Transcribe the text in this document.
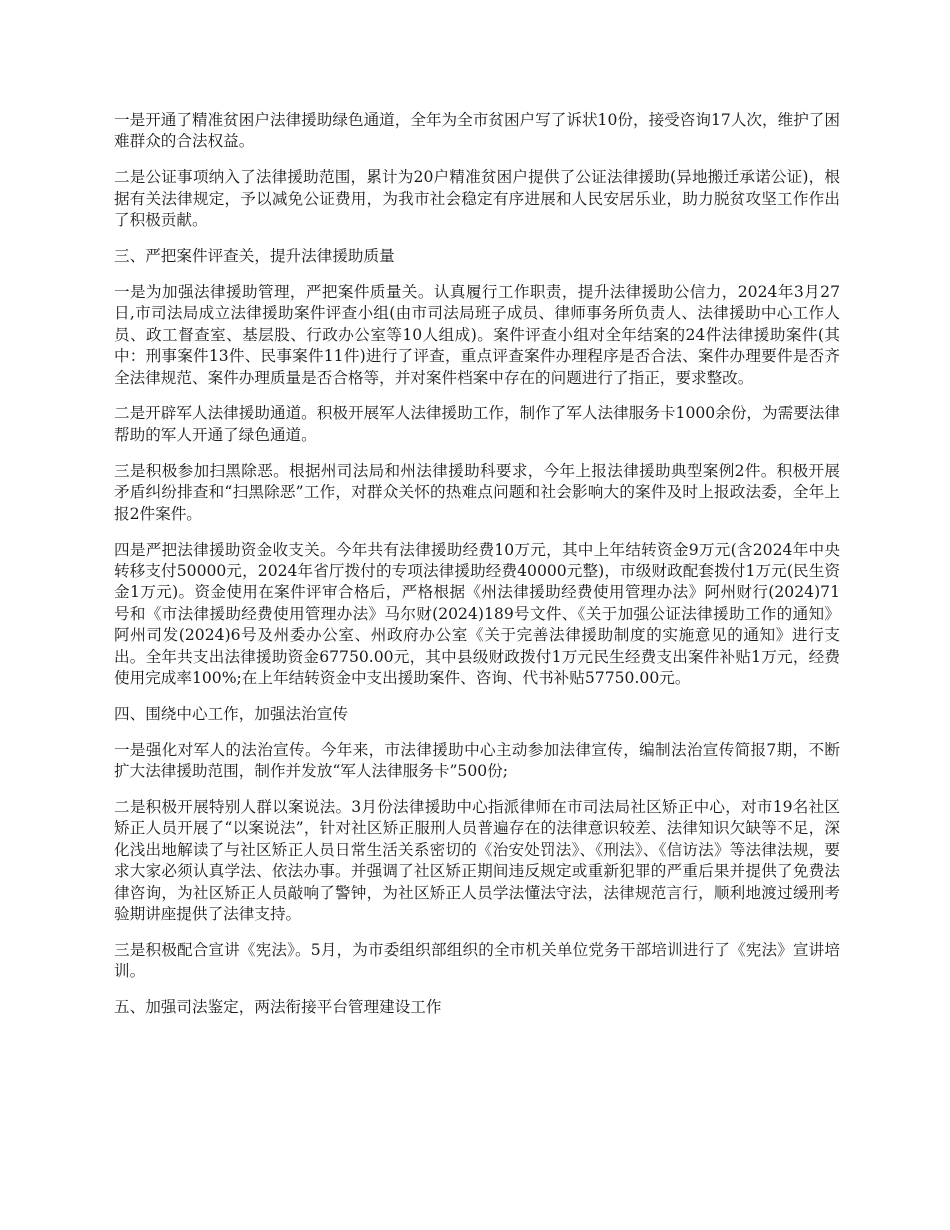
一是开通了精准贫困户法律援助绿色通道，全年为全市贫困户写了诉状10份，接受咨询17人次，维护了困难群众的合法权益。

二是公证事项纳入了法律援助范围，累计为20户精准贫困户提供了公证法律援助(异地搬迁承诺公证)，根据有关法律规定，予以减免公证费用，为我市社会稳定有序进展和人民安居乐业，助力脱贫攻坚工作作出了积极贡献。

三、严把案件评查关，提升法律援助质量

一是为加强法律援助管理，严把案件质量关。认真履行工作职责，提升法律援助公信力，2024年3月27日,市司法局成立法律援助案件评查小组(由市司法局班子成员、律师事务所负责人、法律援助中心工作人员、政工督查室、基层股、行政办公室等10人组成)。案件评查小组对全年结案的24件法律援助案件(其中：刑事案件13件、民事案件11件)进行了评查，重点评查案件办理程序是否合法、案件办理要件是否齐全法律规范、案件办理质量是否合格等，并对案件档案中存在的问题进行了指正，要求整改。

二是开辟军人法律援助通道。积极开展军人法律援助工作，制作了军人法律服务卡1000余份，为需要法律帮助的军人开通了绿色通道。

三是积极参加扫黑除恶。根据州司法局和州法律援助科要求，今年上报法律援助典型案例2件。积极开展矛盾纠纷排查和“扫黑除恶”工作，对群众关怀的热难点问题和社会影响大的案件及时上报政法委，全年上报2件案件。

四是严把法律援助资金收支关。今年共有法律援助经费10万元，其中上年结转资金9万元(含2024年中央转移支付50000元，2024年省厅拨付的专项法律援助经费40000元整)，市级财政配套拨付1万元(民生资金1万元)。资金使用在案件评审合格后，严格根据《州法律援助经费使用管理办法》阿州财行(2024)71号和《市法律援助经费使用管理办法》马尔财(2024)189号文件、《关于加强公证法律援助工作的通知》阿州司发(2024)6号及州委办公室、州政府办公室《关于完善法律援助制度的实施意见的通知》进行支出。全年共支出法律援助资金67750.00元，其中县级财政拨付1万元民生经费支出案件补贴1万元，经费使用完成率100%;在上年结转资金中支出援助案件、咨询、代书补贴57750.00元。

四、围绕中心工作，加强法治宣传

一是强化对军人的法治宣传。今年来，市法律援助中心主动参加法律宣传，编制法治宣传简报7期，不断扩大法律援助范围，制作并发放“军人法律服务卡”500份;

二是积极开展特别人群以案说法。3月份法律援助中心指派律师在市司法局社区矫正中心，对市19名社区矫正人员开展了“以案说法”，针对社区矫正服刑人员普遍存在的法律意识较差、法律知识欠缺等不足，深化浅出地解读了与社区矫正人员日常生活关系密切的《治安处罚法》、《刑法》、《信访法》等法律法规，要求大家必须认真学法、依法办事。并强调了社区矫正期间违反规定或重新犯罪的严重后果并提供了免费法律咨询，为社区矫正人员敲响了警钟，为社区矫正人员学法懂法守法，法律规范言行，顺利地渡过缓刑考验期讲座提供了法律支持。

三是积极配合宣讲《宪法》。5月，为市委组织部组织的全市机关单位党务干部培训进行了《宪法》宣讲培训。

五、加强司法鉴定，两法衔接平台管理建设工作
